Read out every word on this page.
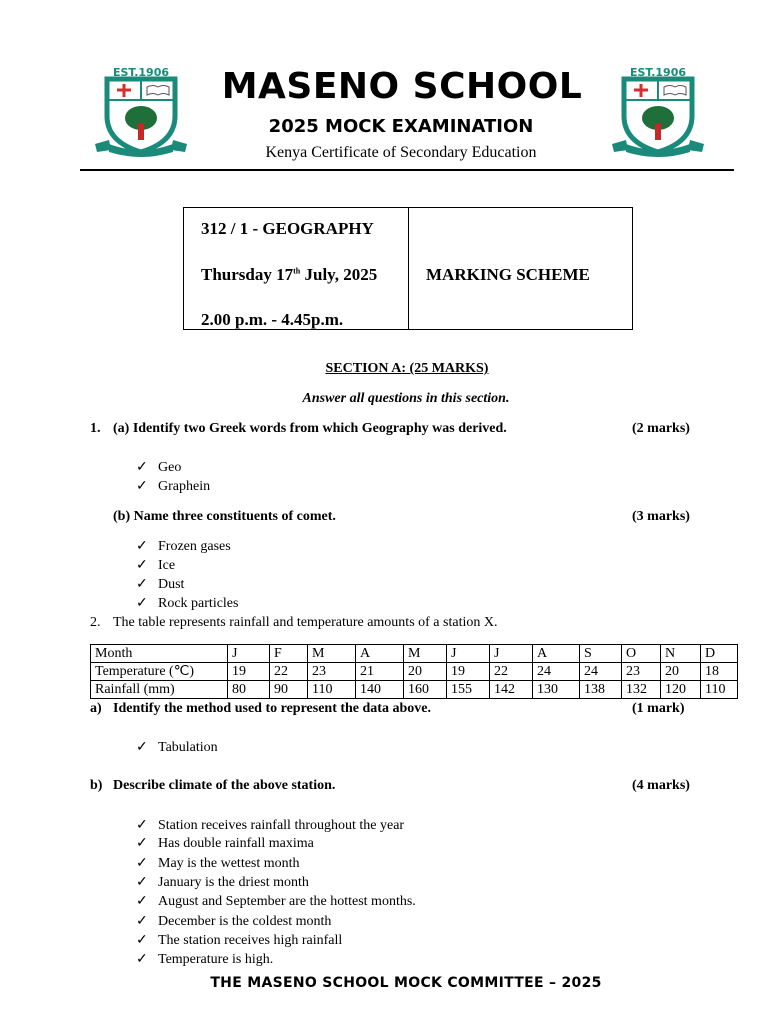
EST.1906	EST.1906
MASENO SCHOOL
2025 MOCK EXAMINATION
Kenya Certificate of Secondary Education
312 / 1 - GEOGRAPHY
Thursday 17th July, 2025
2.00 p.m. - 4.45p.m.
MARKING SCHEME
SECTION A: (25 MARKS)
Answer all questions in this section.
1. (a) Identify two Greek words from which Geography was derived.	(2 marks)
✓ Geo
✓ Graphein
(b) Name three constituents of comet.	(3 marks)
✓ Frozen gases
✓ Ice
✓ Dust
✓ Rock particles
2. The table represents rainfall and temperature amounts of a station X.
Month	J	F	M	A	M	J	J	A	S	O	N	D
Temperature (℃)	19	22	23	21	20	19	22	24	24	23	20	18
Rainfall (mm)	80	90	110	140	160	155	142	130	138	132	120	110
a) Identify the method used to represent the data above.	(1 mark)
✓ Tabulation
b) Describe climate of the above station.	(4 marks)
✓ Station receives rainfall throughout the year
✓ Has double rainfall maxima
✓ May is the wettest month
✓ January is the driest month
✓ August and September are the hottest months.
✓ December is the coldest month
✓ The station receives high rainfall
✓ Temperature is high.
THE MASENO SCHOOL MOCK COMMITTEE – 2025
